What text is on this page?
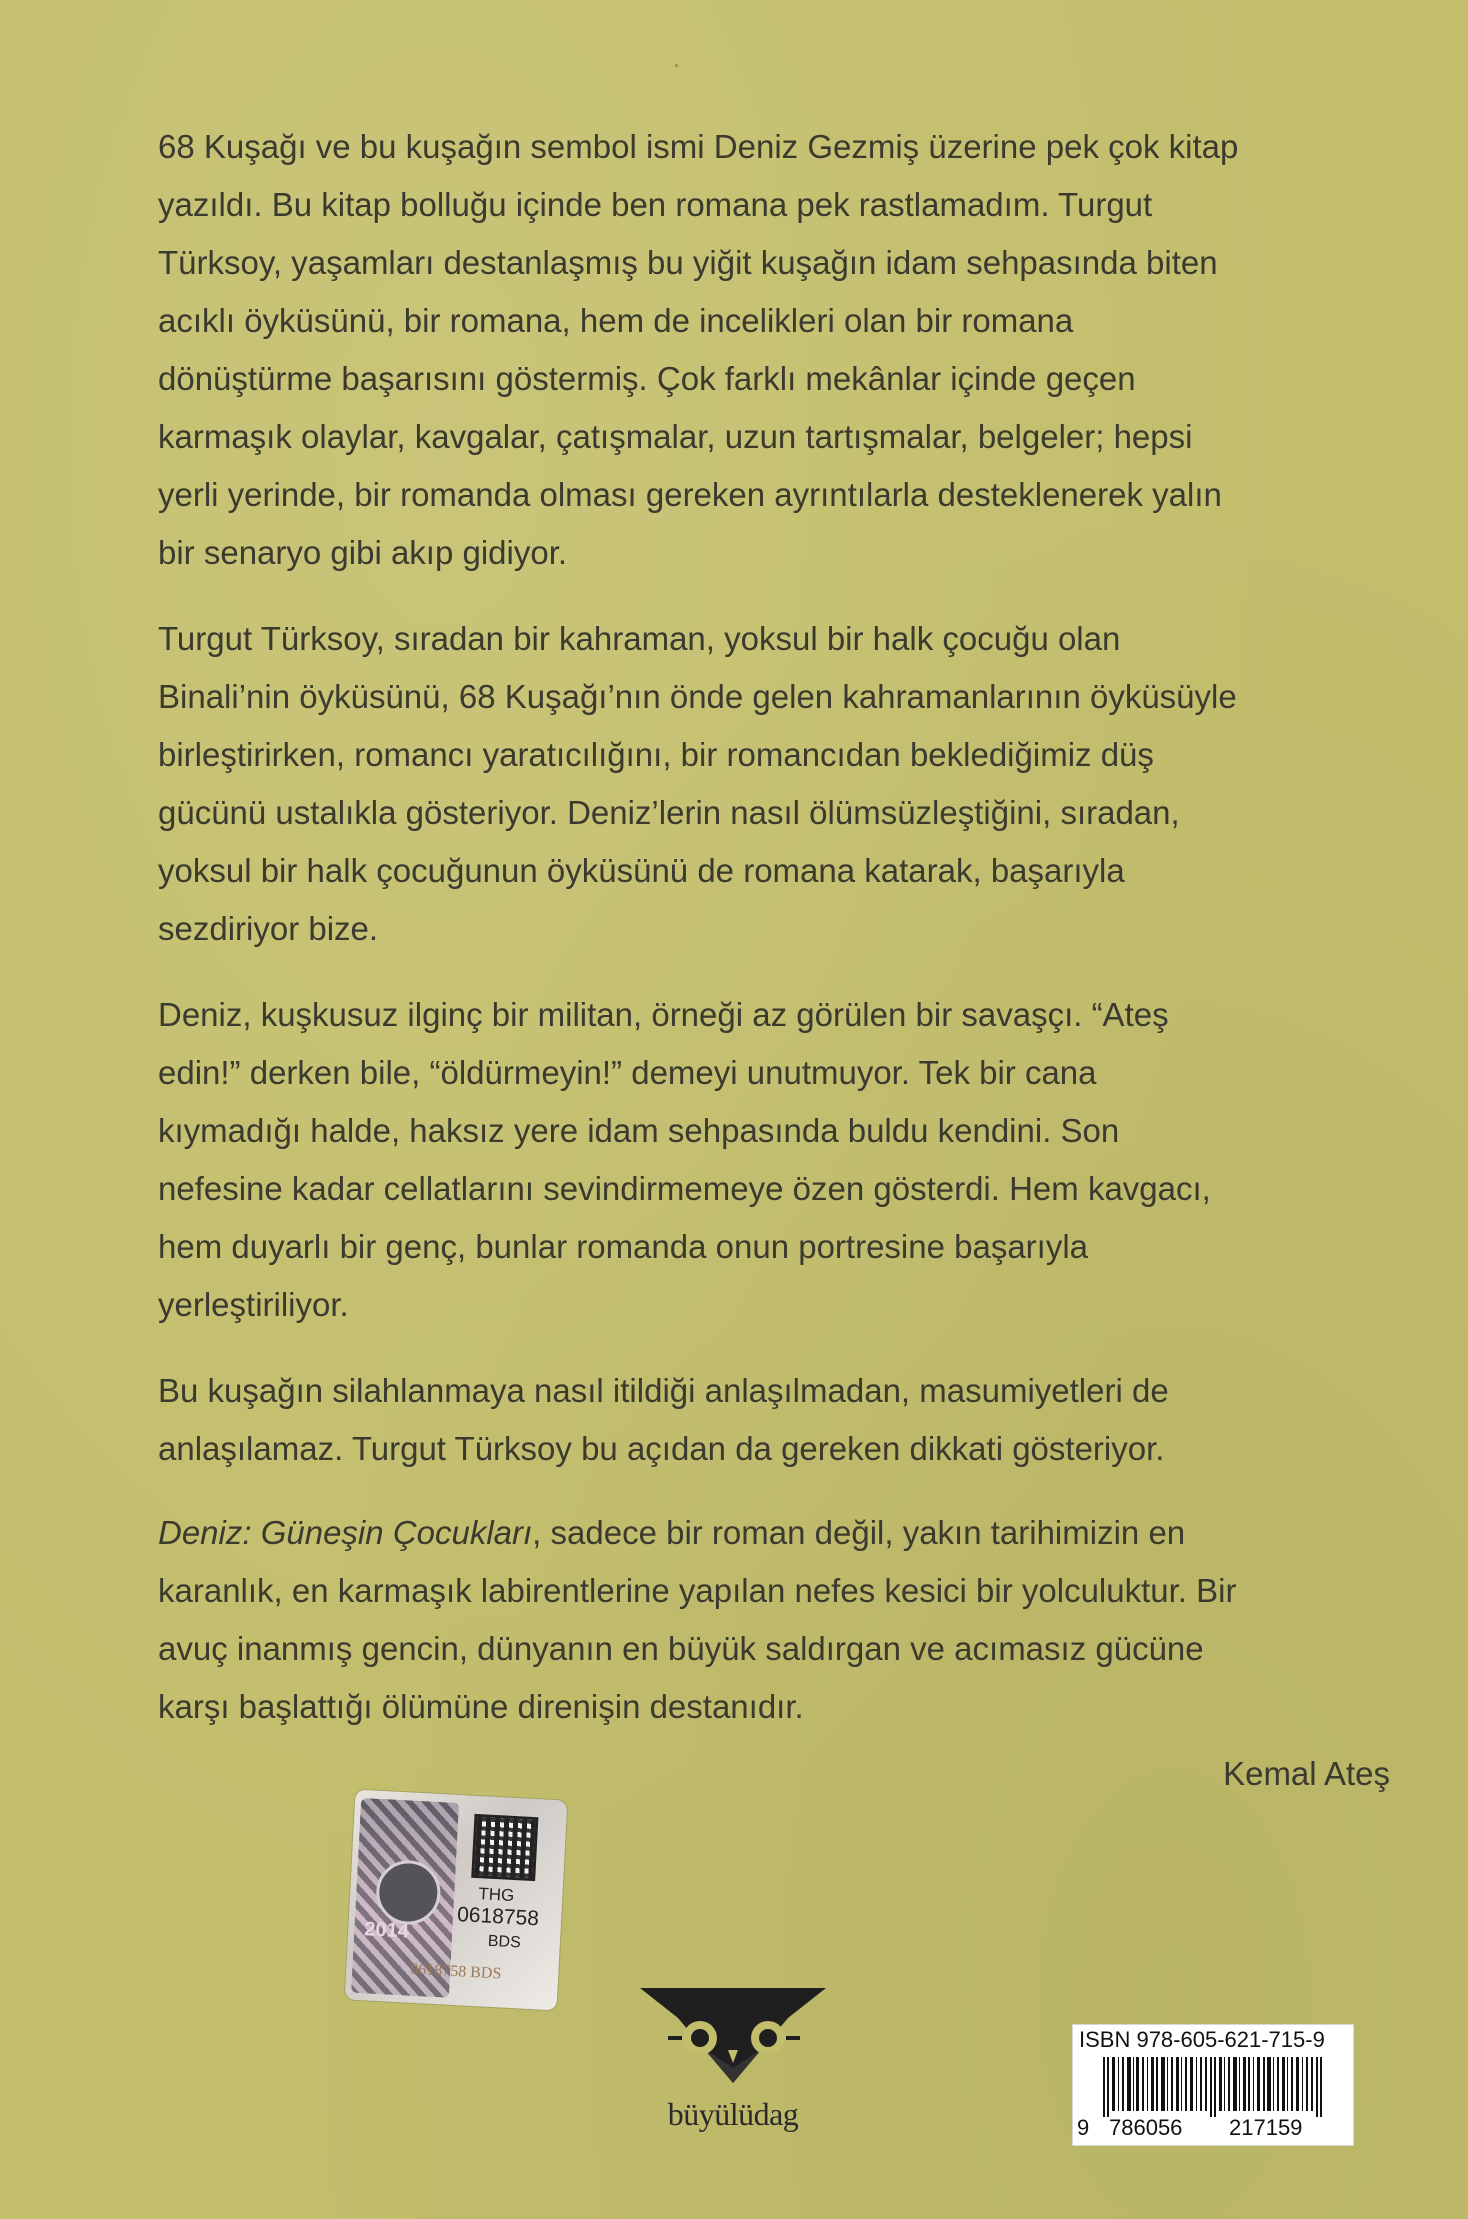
68 Kuşağı ve bu kuşağın sembol ismi Deniz Gezmiş üzerine pek çok kitap

yazıldı. Bu kitap bolluğu içinde ben romana pek rastlamadım. Turgut

Türksoy, yaşamları destanlaşmış bu yiğit kuşağın idam sehpasında biten

acıklı öyküsünü, bir romana, hem de incelikleri olan bir romana

dönüştürme başarısını göstermiş. Çok farklı mekânlar içinde geçen

karmaşık olaylar, kavgalar, çatışmalar, uzun tartışmalar, belgeler; hepsi

yerli yerinde, bir romanda olması gereken ayrıntılarla desteklenerek yalın

bir senaryo gibi akıp gidiyor.

Turgut Türksoy, sıradan bir kahraman, yoksul bir halk çocuğu olan

Binali’nin öyküsünü, 68 Kuşağı’nın önde gelen kahramanlarının öyküsüyle

birleştirirken, romancı yaratıcılığını, bir romancıdan beklediğimiz düş

gücünü ustalıkla gösteriyor. Deniz’lerin nasıl ölümsüzleştiğini, sıradan,

yoksul bir halk çocuğunun öyküsünü de romana katarak, başarıyla

sezdiriyor bize.

Deniz, kuşkusuz ilginç bir militan, örneği az görülen bir savaşçı. “Ateş

edin!” derken bile, “öldürmeyin!” demeyi unutmuyor. Tek bir cana

kıymadığı halde, haksız yere idam sehpasında buldu kendini. Son

nefesine kadar cellatlarını sevindirmemeye özen gösterdi. Hem kavgacı,

hem duyarlı bir genç, bunlar romanda onun portresine başarıyla

yerleştiriliyor.

Bu kuşağın silahlanmaya nasıl itildiği anlaşılmadan, masumiyetleri de

anlaşılamaz. Turgut Türksoy bu açıdan da gereken dikkati gösteriyor.

Deniz: Güneşin Çocukları, sadece bir roman değil, yakın tarihimizin en

karanlık, en karmaşık labirentlerine yapılan nefes kesici bir yolculuktur. Bir

avuç inanmış gencin, dünyanın en büyük saldırgan ve acımasız gücüne

karşı başlattığı ölümüne direnişin destanıdır.

Kemal Ateş
2014
THG
0618758
BDS
0618758 BDS
büyülüdag
ISBN 978-605-621-715-9
9 786056 217159
